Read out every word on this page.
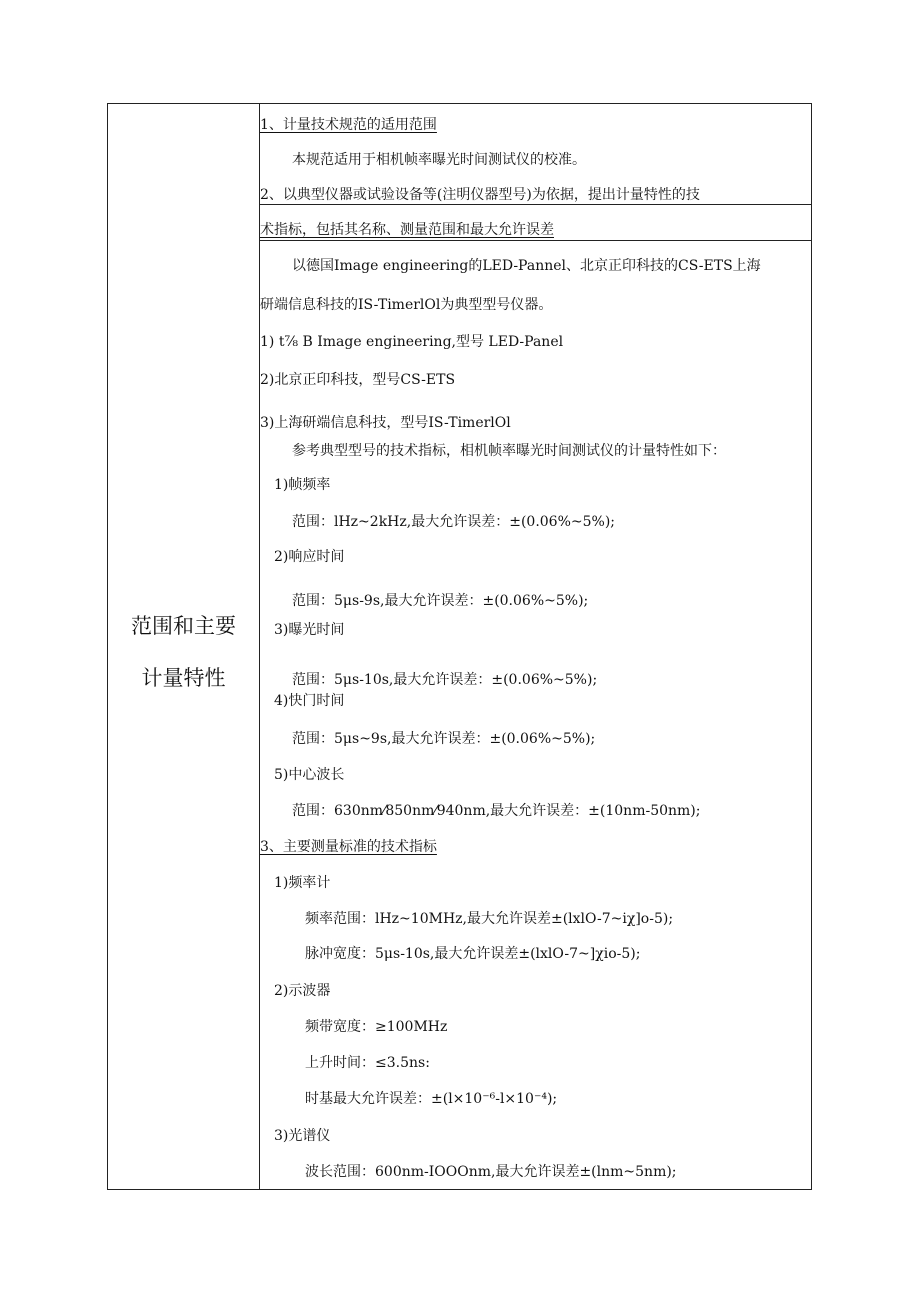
范围和主要
计量特性
1、计量技术规范的适用范围
本规范适用于相机帧率曝光时间测试仪的校准。
2、以典型仪器或试验设备等(注明仪器型号)为依据，提出计量特性的技
术指标，包括其名称、测量范围和最大允许误差
以德国Image engineering的LED-Pannel、北京正印科技的CS-ETS上海
研端信息科技的IS-TimerlOl为典型型号仪器。
1) t⅞ B Image engineering,型号 LED-Panel
2)北京正印科技，型号CS-ETS
3)上海研端信息科技，型号IS-TimerlOl
参考典型型号的技术指标，相机帧率曝光时间测试仪的计量特性如下：
1)帧频率
范围：lHz~2kHz,最大允许误差：±(0.06%~5%);
2)响应时间
范围：5μs-9s,最大允许误差：±(0.06%~5%);
3)曝光时间
范围：5μs-10s,最大允许误差：±(0.06%~5%);
4)快门时间
范围：5μs~9s,最大允许误差：±(0.06%~5%);
5)中心波长
范围：630nm⁄850nm⁄940nm,最大允许误差：±(10nm-50nm);
3、主要测量标准的技术指标
1)频率计
频率范围：lHz~10MHz,最大允许误差±(lxlO-7~iχ]o-5);
脉冲宽度：5μs-10s,最大允许误差±(lxlO-7~]χio-5);
2)示波器
频带宽度：≥100MHz
上升时间：≤3.5ns:
时基最大允许误差：±(l×10⁻⁶-l×10⁻⁴);
3)光谱仪
波长范围：600nm-IOOOnm,最大允许误差±(lnm~5nm);
